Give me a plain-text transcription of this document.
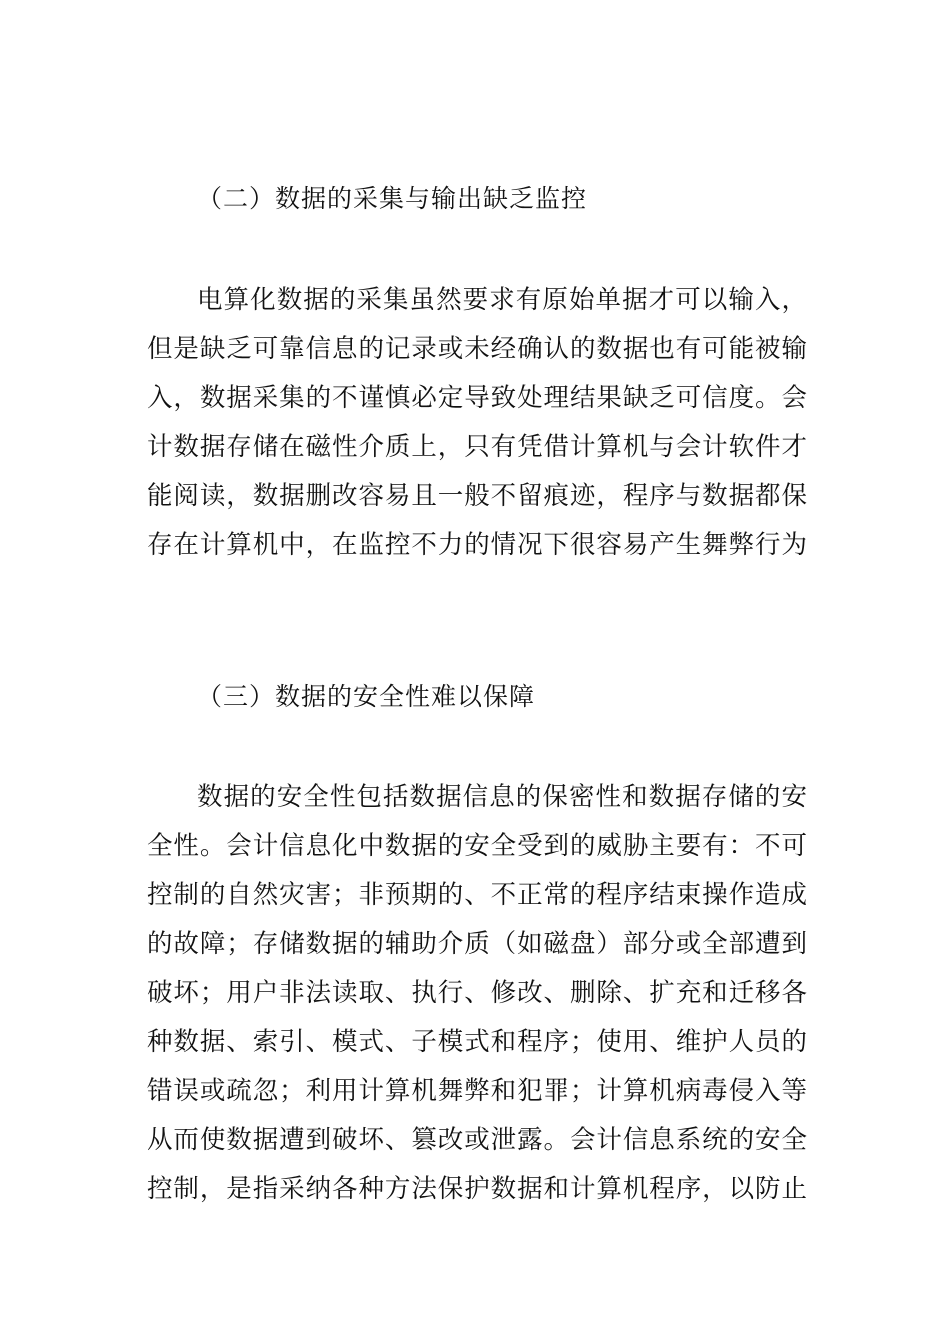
（二）数据的采集与输出缺乏监控
电算化数据的采集虽然要求有原始单据才可以输入，
但是缺乏可靠信息的记录或未经确认的数据也有可能被输
入，数据采集的不谨慎必定导致处理结果缺乏可信度。会
计数据存储在磁性介质上，只有凭借计算机与会计软件才
能阅读，数据删改容易且一般不留痕迹，程序与数据都保
存在计算机中，在监控不力的情况下很容易产生舞弊行为
（三）数据的安全性难以保障
数据的安全性包括数据信息的保密性和数据存储的安
全性。会计信息化中数据的安全受到的威胁主要有：不可
控制的自然灾害；非预期的、不正常的程序结束操作造成
的故障；存储数据的辅助介质（如磁盘）部分或全部遭到
破坏；用户非法读取、执行、修改、删除、扩充和迁移各
种数据、索引、模式、子模式和程序；使用、维护人员的
错误或疏忽；利用计算机舞弊和犯罪；计算机病毒侵入等
从而使数据遭到破坏、篡改或泄露。会计信息系统的安全
控制，是指采纳各种方法保护数据和计算机程序，以防止
